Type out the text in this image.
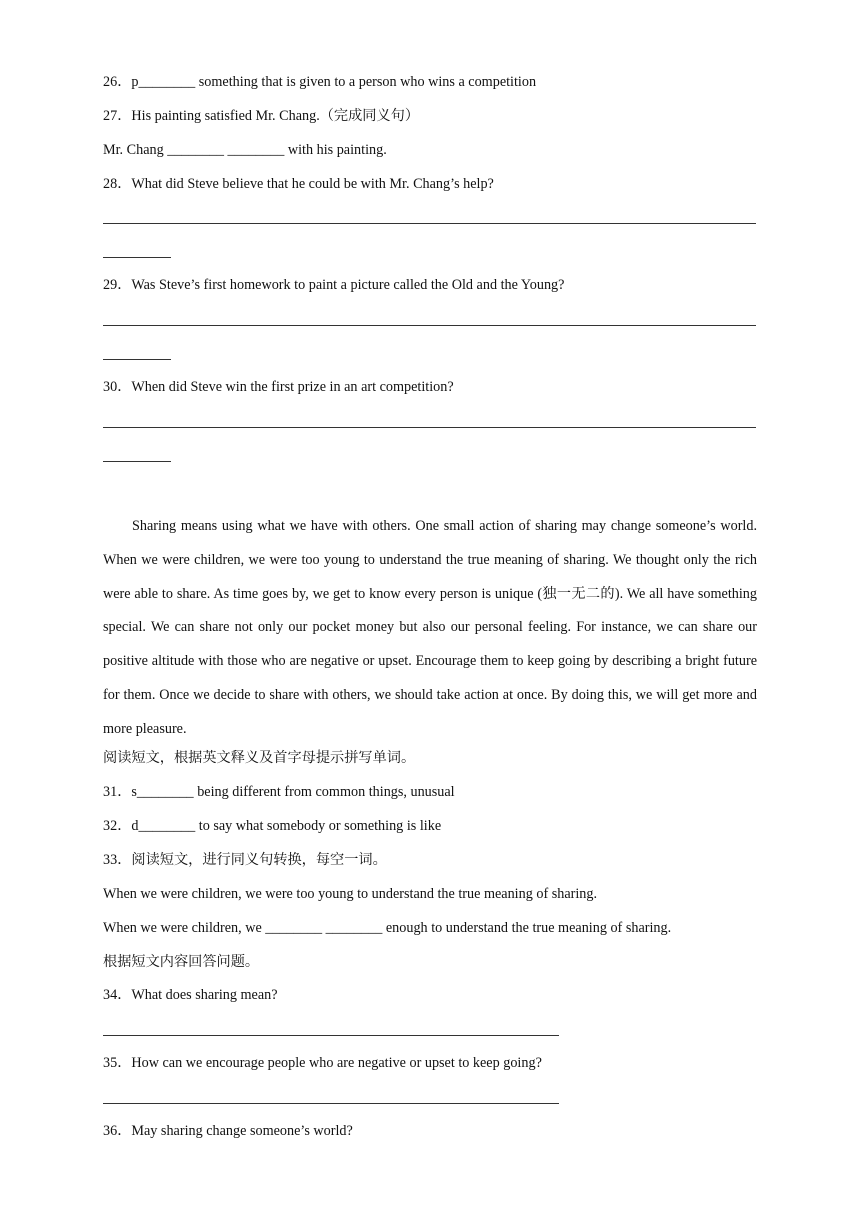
26．p________ something that is given to a person who wins a competition
27．His painting satisfied Mr. Chang.（完成同义句）
Mr. Chang ________ ________ with his painting.
28．What did Steve believe that he could be with Mr. Chang’s help?
29．Was Steve’s first homework to paint a picture called the Old and the Young?
30．When did Steve win the first prize in an art competition?
Sharing means using what we have with others. One small action of sharing may change someone’s world. When we were children, we were too young to understand the true meaning of sharing. We thought only the rich were able to share. As time goes by, we get to know every person is unique (独一无二的). We all have something special. We can share not only our pocket money but also our personal feeling. For instance, we can share our positive altitude with those who are negative or upset. Encourage them to keep going by describing a bright future for them. Once we decide to share with others, we should take action at once. By doing this, we will get more and more pleasure.
阅读短文，根据英文释义及首字母提示拼写单词。
31．s________ being different from common things, unusual
32．d________ to say what somebody or something is like
33．阅读短文，进行同义句转换，每空一词。
When we were children, we were too young to understand the true meaning of sharing.
When we were children, we ________ ________ enough to understand the true meaning of sharing.
根据短文内容回答问题。
34．What does sharing mean?
35．How can we encourage people who are negative or upset to keep going?
36．May sharing change someone’s world?
